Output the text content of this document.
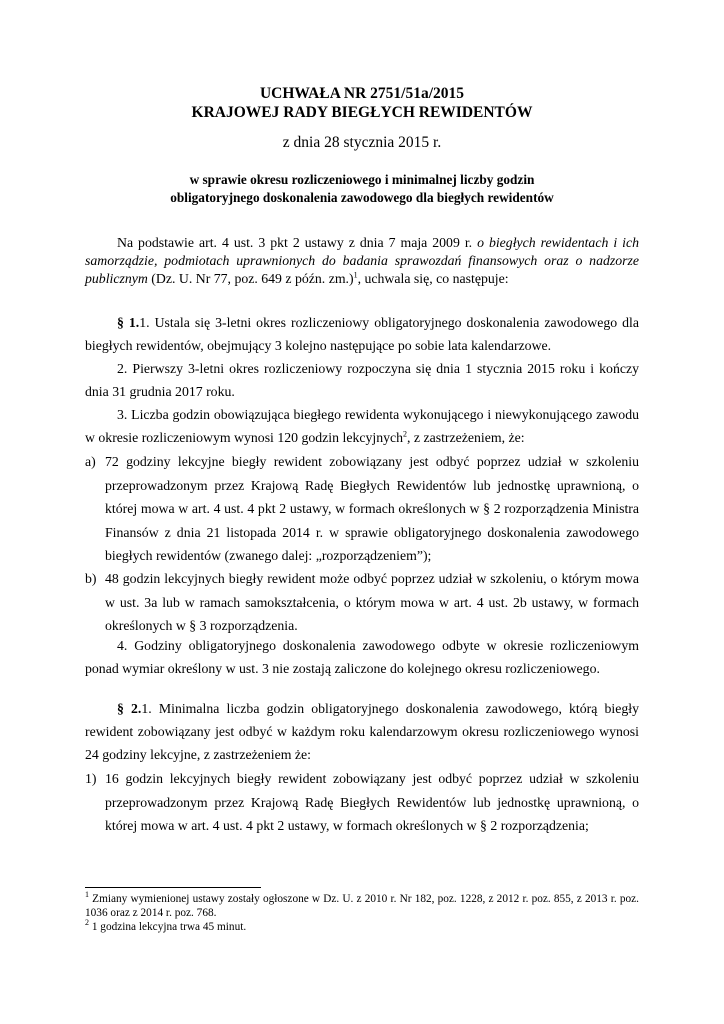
UCHWAŁA NR 2751/51a/2015
KRAJOWEJ RADY BIEGŁYCH REWIDENTÓW
z dnia 28 stycznia 2015 r.
w sprawie okresu rozliczeniowego i minimalnej liczby godzin obligatoryjnego doskonalenia zawodowego dla biegłych rewidentów
Na podstawie art. 4 ust. 3 pkt 2 ustawy z dnia 7 maja 2009 r. o biegłych rewidentach i ich samorządzie, podmiotach uprawnionych do badania sprawozdań finansowych oraz o nadzorze publicznym (Dz. U. Nr 77, poz. 649 z późn. zm.)$^1$, uchwala się, co następuje:
§ 1.1. Ustala się 3-letni okres rozliczeniowy obligatoryjnego doskonalenia zawodowego dla biegłych rewidentów, obejmujący 3 kolejno następujące po sobie lata kalendarzowe.
2. Pierwszy 3-letni okres rozliczeniowy rozpoczyna się dnia 1 stycznia 2015 roku i kończy dnia 31 grudnia 2017 roku.
3. Liczba godzin obowiązująca biegłego rewidenta wykonującego i niewykonującego zawodu w okresie rozliczeniowym wynosi 120 godzin lekcyjnych$^2$, z zastrzeżeniem, że:
a) 72 godziny lekcyjne biegły rewident zobowiązany jest odbyć poprzez udział w szkoleniu przeprowadzonym przez Krajową Radę Biegłych Rewidentów lub jednostkę uprawnioną, o której mowa w art. 4 ust. 4 pkt 2 ustawy, w formach określonych w § 2 rozporządzenia Ministra Finansów z dnia 21 listopada 2014 r. w sprawie obligatoryjnego doskonalenia zawodowego biegłych rewidentów (zwanego dalej: „rozporządzeniem”);
b) 48 godzin lekcyjnych biegły rewident może odbyć poprzez udział w szkoleniu, o którym mowa w ust. 3a lub w ramach samokształcenia, o którym mowa w art. 4 ust. 2b ustawy, w formach określonych w § 3 rozporządzenia.
4. Godziny obligatoryjnego doskonalenia zawodowego odbyte w okresie rozliczeniowym ponad wymiar określony w ust. 3 nie zostają zaliczone do kolejnego okresu rozliczeniowego.
§ 2.1. Minimalna liczba godzin obligatoryjnego doskonalenia zawodowego, którą biegły rewident zobowiązany jest odbyć w każdym roku kalendarzowym okresu rozliczeniowego wynosi 24 godziny lekcyjne, z zastrzeżeniem że:
1) 16 godzin lekcyjnych biegły rewident zobowiązany jest odbyć poprzez udział w szkoleniu przeprowadzonym przez Krajową Radę Biegłych Rewidentów lub jednostkę uprawnioną, o której mowa w art. 4 ust. 4 pkt 2 ustawy, w formach określonych w § 2 rozporządzenia;
$^1$ Zmiany wymienionej ustawy zostały ogłoszone w Dz. U. z 2010 r. Nr 182, poz. 1228, z 2012 r. poz. 855, z 2013 r. poz. 1036 oraz z 2014 r. poz. 768.
$^2$ 1 godzina lekcyjna trwa 45 minut.
